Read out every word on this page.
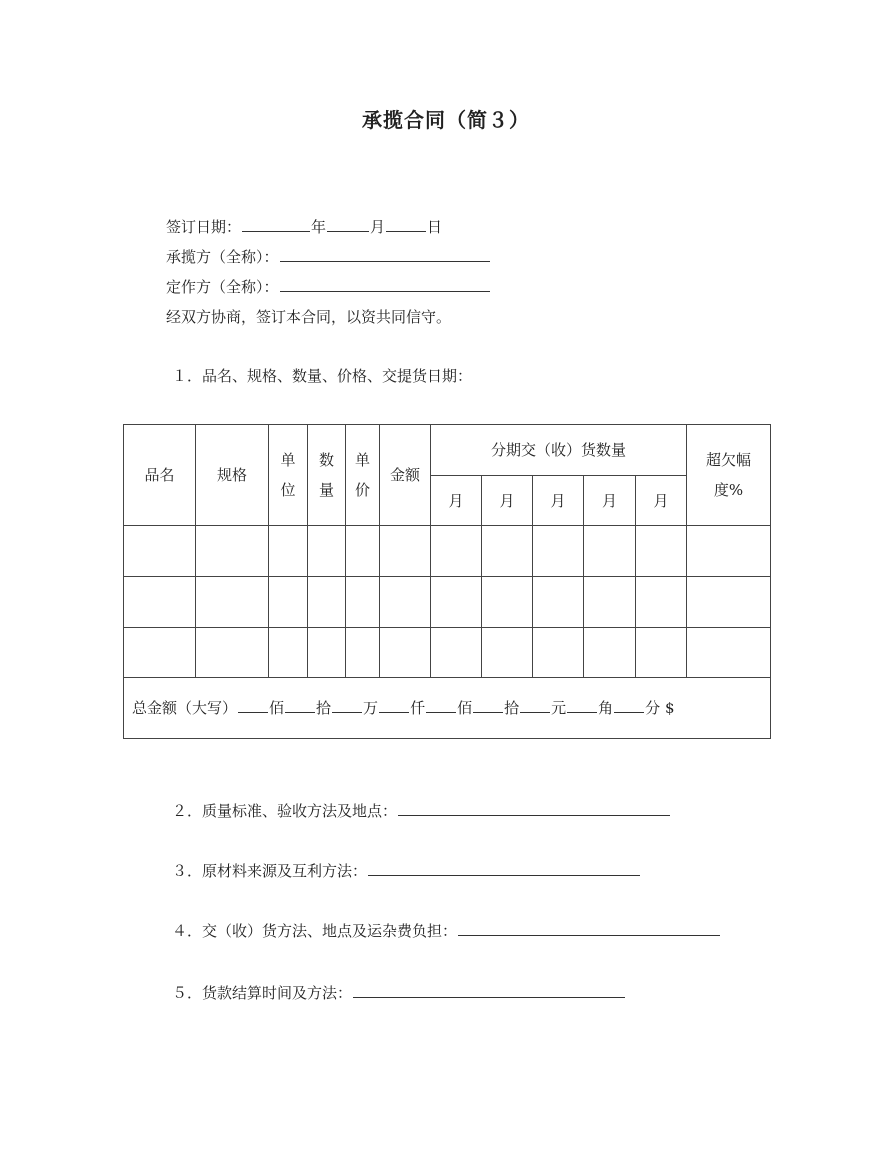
承揽合同（简３）
签订日期：	年	月	日
承揽方（全称）：
定作方（全称）：
经双方协商，签订本合同，以资共同信守。
１．品名、规格、数量、价格、交提货日期：
品名	规格	单位	数量	单价	金额	分期交（收）货数量					超欠幅度%
						月	月	月	月	月	

总金额（大写） 佰 拾 万 仟 佰 拾 元 角 分 $											
２．质量标准、验收方法及地点：
３．原材料来源及互利方法：
４．交（收）货方法、地点及运杂费负担：
５．货款结算时间及方法：
